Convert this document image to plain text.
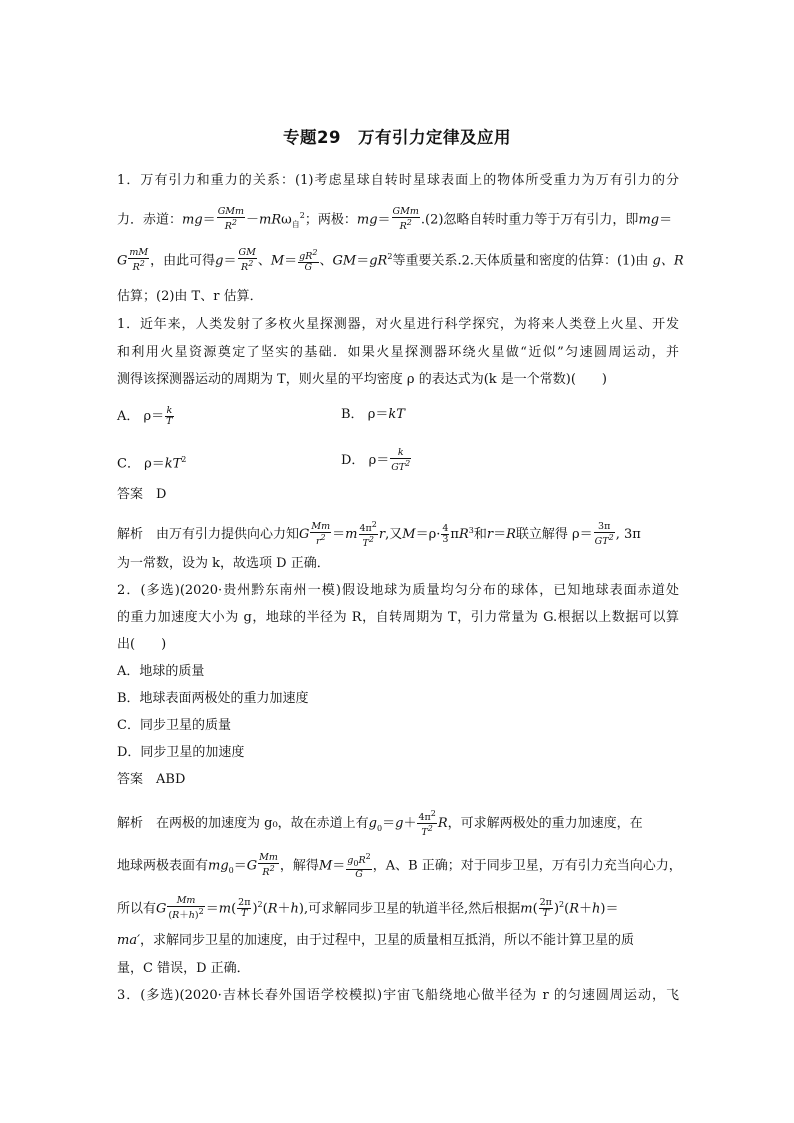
专题29　万有引力定律及应用
1．万有引力和重力的关系：(1)考虑星球自转时星球表面上的物体所受重力为万有引力的分
力．赤道：mg＝
GMm
$R^2 -mR\omega_自^2$；两极：mg＝
GMm
$R^2$ .(2)忽略自转时重力等于万有引力，即mg＝
G $\frac{mM}{R^2}$ ，由此可得$g= \frac{GM}{R^2}$ 、$M= \frac{gR^2}{G}$ 、$GM=gR^2$等重要关系.2.天体质量和密度的估算：(1)由 g、R
估算；(2)由 T、r 估算．
1．近年来，人类发射了多枚火星探测器，对火星进行科学探究，为将来人类登上火星、开发
和利用火星资源奠定了坚实的基础．如果火星探测器环绕火星做“近似”匀速圆周运动，并
测得该探测器运动的周期为 T，则火星的平均密度 ρ 的表达式为(k 是一个常数)(　　)
A． $\rho= \frac{k}{T}$	B． ρ＝kT
C． $\rho=kT^2$	D． $\rho= \frac{k}{GT^2}$
答案　D
解析　由万有引力提供向心力知G $\frac{Mm}{r^2} =m \frac{4\pi^2}{T^2} r$,又$M=\rho\cdot \frac{4}{3} \pi R^3$和r＝R联立解得 $\rho= \frac{3\pi}{GT^2}$ , 3π
为一常数，设为 k，故选项 D 正确．
2．(多选)(2020·贵州黔东南州一模)假设地球为质量均匀分布的球体，已知地球表面赤道处
的重力加速度大小为 g，地球的半径为 R，自转周期为 T，引力常量为 G.根据以上数据可以算
出(　　)
A．地球的质量
B．地球表面两极处的重力加速度
C．同步卫星的质量
D．同步卫星的加速度
答案　ABD
解析　在两极的加速度为 g₀，故在赤道上有$g_0=g+ \frac{4\pi^2}{T^2}$ R，可求解两极处的重力加速度，在
地球两极表面有$mg_0=G \frac{Mm}{R^2}$ ，解得$M= \frac{g_0R^2}{G}$ ，A、B 正确；对于同步卫星，万有引力充当向心力，
所以有G $\frac{Mm}{(R+h)^2} =m( \frac{2\pi}{T} )^2(R+h)$,可求解同步卫星的轨道半径,然后根据$m( \frac{2\pi}{T} )^2(R+h)=$
ma′，求解同步卫星的加速度，由于过程中，卫星的质量相互抵消，所以不能计算卫星的质
量，C 错误，D 正确．
3．(多选)(2020·吉林长春外国语学校模拟)宇宙飞船绕地心做半径为 r 的匀速圆周运动，飞
